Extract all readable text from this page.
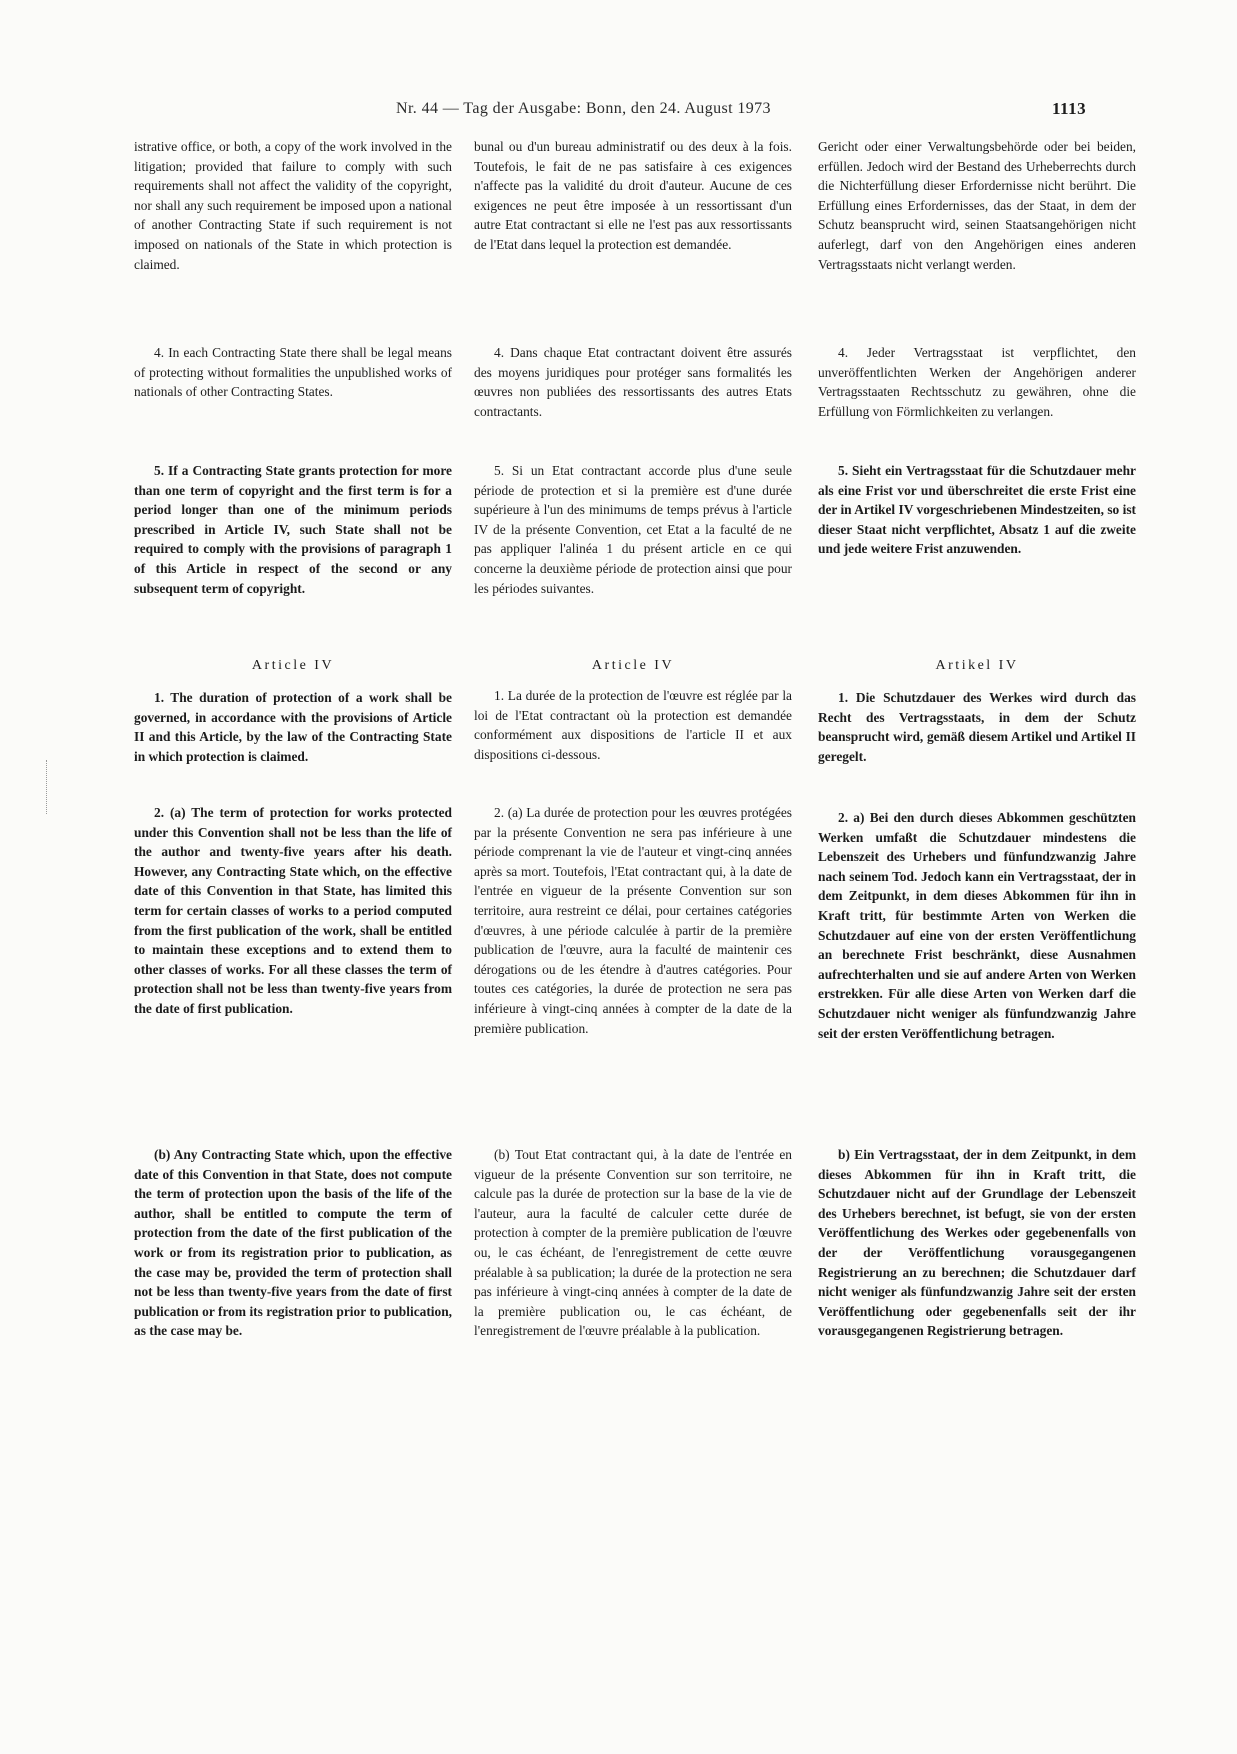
Nr. 44 — Tag der Ausgabe: Bonn, den 24. August 1973	1113

istrative office, or both, a copy of the work involved in the litigation; provided that failure to comply with such requirements shall not affect the validity of the copyright, nor shall any such requirement be imposed upon a national of another Contracting State if such requirement is not imposed on nationals of the State in which protection is claimed.

4. In each Contracting State there shall be legal means of protecting without formalities the unpublished works of nationals of other Contracting States.

5. If a Contracting State grants protection for more than one term of copyright and the first term is for a period longer than one of the minimum periods prescribed in Article IV, such State shall not be required to comply with the provisions of paragraph 1 of this Article in respect of the second or any subsequent term of copyright.

Article IV

1. The duration of protection of a work shall be governed, in accordance with the provisions of Article II and this Article, by the law of the Contracting State in which protection is claimed.

2. (a) The term of protection for works protected under this Convention shall not be less than the life of the author and twenty-five years after his death. However, any Contracting State which, on the effective date of this Convention in that State, has limited this term for certain classes of works to a period computed from the first publication of the work, shall be entitled to maintain these exceptions and to extend them to other classes of works. For all these classes the term of protection shall not be less than twenty-five years from the date of first publication.

(b) Any Contracting State which, upon the effective date of this Convention in that State, does not compute the term of protection upon the basis of the life of the author, shall be entitled to compute the term of protection from the date of the first publication of the work or from its registration prior to publication, as the case may be, provided the term of protection shall not be less than twenty-five years from the date of first publication or from its registration prior to publication, as the case may be.

bunal ou d'un bureau administratif ou des deux à la fois. Toutefois, le fait de ne pas satisfaire à ces exigences n'affecte pas la validité du droit d'auteur. Aucune de ces exigences ne peut être imposée à un ressortissant d'un autre Etat contractant si elle ne l'est pas aux ressortissants de l'Etat dans lequel la protection est demandée.

4. Dans chaque Etat contractant doivent être assurés des moyens juridiques pour protéger sans formalités les œuvres non publiées des ressortissants des autres Etats contractants.

5. Si un Etat contractant accorde plus d'une seule période de protection et si la première est d'une durée supérieure à l'un des minimums de temps prévus à l'article IV de la présente Convention, cet Etat a la faculté de ne pas appliquer l'alinéa 1 du présent article en ce qui concerne la deuxième période de protection ainsi que pour les périodes suivantes.

Article IV

1. La durée de la protection de l'œuvre est réglée par la loi de l'Etat contractant où la protection est demandée conformément aux dispositions de l'article II et aux dispositions ci-dessous.

2. (a) La durée de protection pour les œuvres protégées par la présente Convention ne sera pas inférieure à une période comprenant la vie de l'auteur et vingt-cinq années après sa mort. Toutefois, l'Etat contractant qui, à la date de l'entrée en vigueur de la présente Convention sur son territoire, aura restreint ce délai, pour certaines catégories d'œuvres, à une période calculée à partir de la première publication de l'œuvre, aura la faculté de maintenir ces dérogations ou de les étendre à d'autres catégories. Pour toutes ces catégories, la durée de protection ne sera pas inférieure à vingt-cinq années à compter de la date de la première publication.

(b) Tout Etat contractant qui, à la date de l'entrée en vigueur de la présente Convention sur son territoire, ne calcule pas la durée de protection sur la base de la vie de l'auteur, aura la faculté de calculer cette durée de protection à compter de la première publication de l'œuvre ou, le cas échéant, de l'enregistrement de cette œuvre préalable à sa publication; la durée de la protection ne sera pas inférieure à vingt-cinq années à compter de la date de la première publication ou, le cas échéant, de l'enregistrement de l'œuvre préalable à la publication.

Gericht oder einer Verwaltungsbehörde oder bei beiden, erfüllen. Jedoch wird der Bestand des Urheberrechts durch die Nichterfüllung dieser Erfordernisse nicht berührt. Die Erfüllung eines Erfordernisses, das der Staat, in dem der Schutz beansprucht wird, seinen Staatsangehörigen nicht auferlegt, darf von den Angehörigen eines anderen Vertragsstaats nicht verlangt werden.

4. Jeder Vertragsstaat ist verpflichtet, den unveröffentlichten Werken der Angehörigen anderer Vertragsstaaten Rechtsschutz zu gewähren, ohne die Erfüllung von Förmlichkeiten zu verlangen.

5. Sieht ein Vertragsstaat für die Schutzdauer mehr als eine Frist vor und überschreitet die erste Frist eine der in Artikel IV vorgeschriebenen Mindestzeiten, so ist dieser Staat nicht verpflichtet, Absatz 1 auf die zweite und jede weitere Frist anzuwenden.

Artikel IV

1. Die Schutzdauer des Werkes wird durch das Recht des Vertragsstaats, in dem der Schutz beansprucht wird, gemäß diesem Artikel und Artikel II geregelt.

2. a) Bei den durch dieses Abkommen geschützten Werken umfaßt die Schutzdauer mindestens die Lebenszeit des Urhebers und fünfundzwanzig Jahre nach seinem Tod. Jedoch kann ein Vertragsstaat, der in dem Zeitpunkt, in dem dieses Abkommen für ihn in Kraft tritt, für bestimmte Arten von Werken die Schutzdauer auf eine von der ersten Veröffentlichung an berechnete Frist beschränkt, diese Ausnahmen aufrechterhalten und sie auf andere Arten von Werken erstrekken. Für alle diese Arten von Werken darf die Schutzdauer nicht weniger als fünfundzwanzig Jahre seit der ersten Veröffentlichung betragen.

b) Ein Vertragsstaat, der in dem Zeitpunkt, in dem dieses Abkommen für ihn in Kraft tritt, die Schutzdauer nicht auf der Grundlage der Lebenszeit des Urhebers berechnet, ist befugt, sie von der ersten Veröffentlichung des Werkes oder gegebenenfalls von der der Veröffentlichung vorausgegangenen Registrierung an zu berechnen; die Schutzdauer darf nicht weniger als fünfundzwanzig Jahre seit der ersten Veröffentlichung oder gegebenenfalls seit der ihr vorausgegangenen Registrierung betragen.
